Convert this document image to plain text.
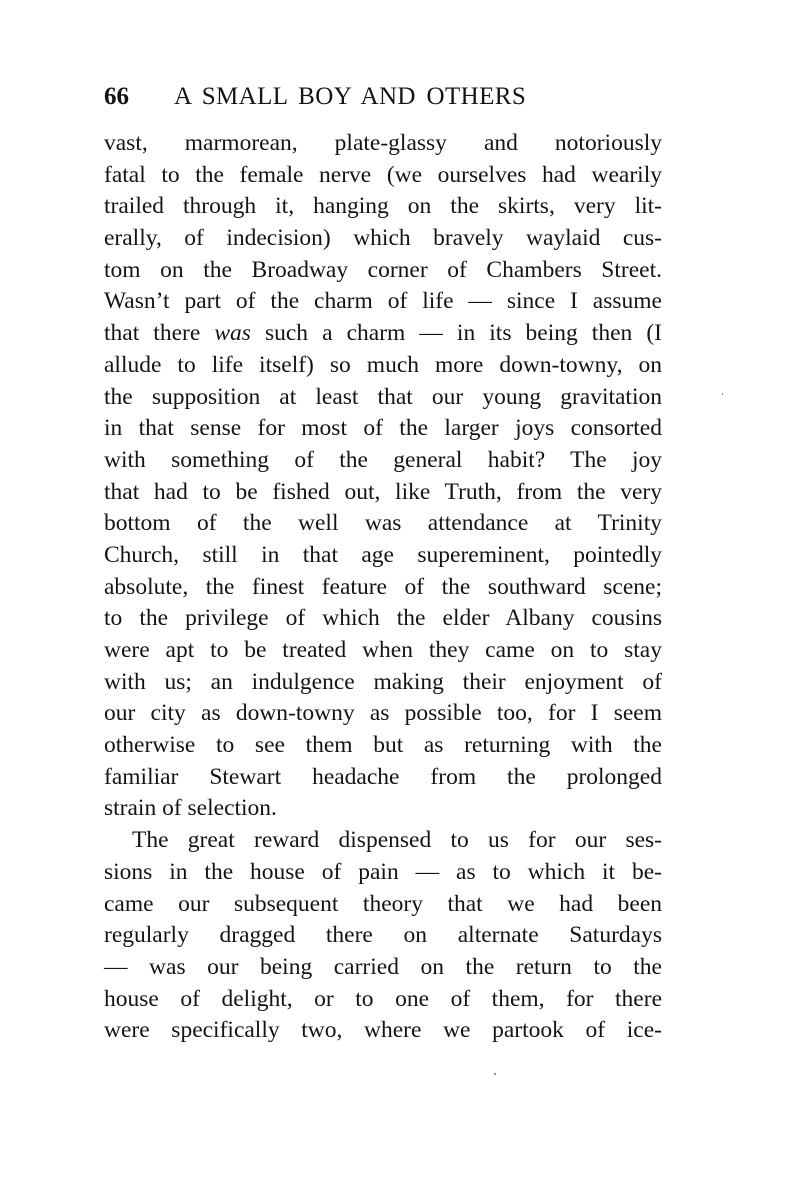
66 A SMALL BOY AND OTHERS
vast, marmorean, plate-glassy and notoriously
fatal to the female nerve (we ourselves had wearily
trailed through it, hanging on the skirts, very lit-
erally, of indecision) which bravely waylaid cus-
tom on the Broadway corner of Chambers Street.
Wasn’t part of the charm of life — since I assume
that there was such a charm — in its being then (I
allude to life itself) so much more down-towny, on
the supposition at least that our young gravitation
in that sense for most of the larger joys consorted
with something of the general habit? The joy
that had to be fished out, like Truth, from the very
bottom of the well was attendance at Trinity
Church, still in that age supereminent, pointedly
absolute, the finest feature of the southward scene;
to the privilege of which the elder Albany cousins
were apt to be treated when they came on to stay
with us; an indulgence making their enjoyment of
our city as down-towny as possible too, for I seem
otherwise to see them but as returning with the
familiar Stewart headache from the prolonged
strain of selection.
The great reward dispensed to us for our ses-
sions in the house of pain — as to which it be-
came our subsequent theory that we had been
regularly dragged there on alternate Saturdays
— was our being carried on the return to the
house of delight, or to one of them, for there
were specifically two, where we partook of ice-
